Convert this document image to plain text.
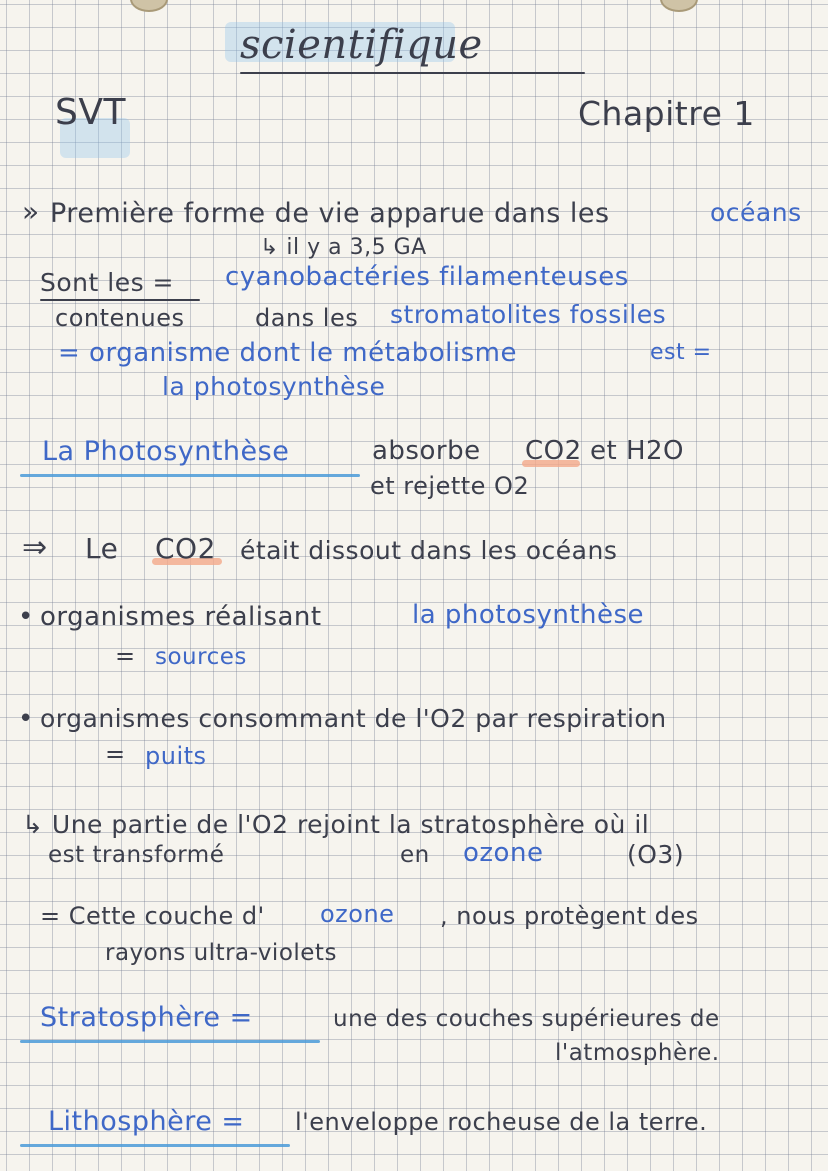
scientifique
SVT	Chapitre 1
» Première forme de vie apparue dans les	océans
↳ il y a 3,5 GA
Sont les = cyanobactéries filamenteuses
contenues	dans les stromatolites fossiles
= organisme dont le métabolisme	est =
la photosynthèse
La Photosynthèse	absorbe CO2 et H2O
et rejette O2
⇒ Le CO2 était dissout dans les océans
• organismes réalisant	la photosynthèse
= sources
• organismes consommant de l'O2 par respiration
= puits
↳ Une partie de l'O2 rejoint la stratosphère où il
est transformé	en ozone	(O3)
= Cette couche d' ozone , nous protègent des
rayons ultra-violets
Stratosphère =	une des couches supérieures de
l'atmosphère.
Lithosphère = l'enveloppe rocheuse de la terre.
